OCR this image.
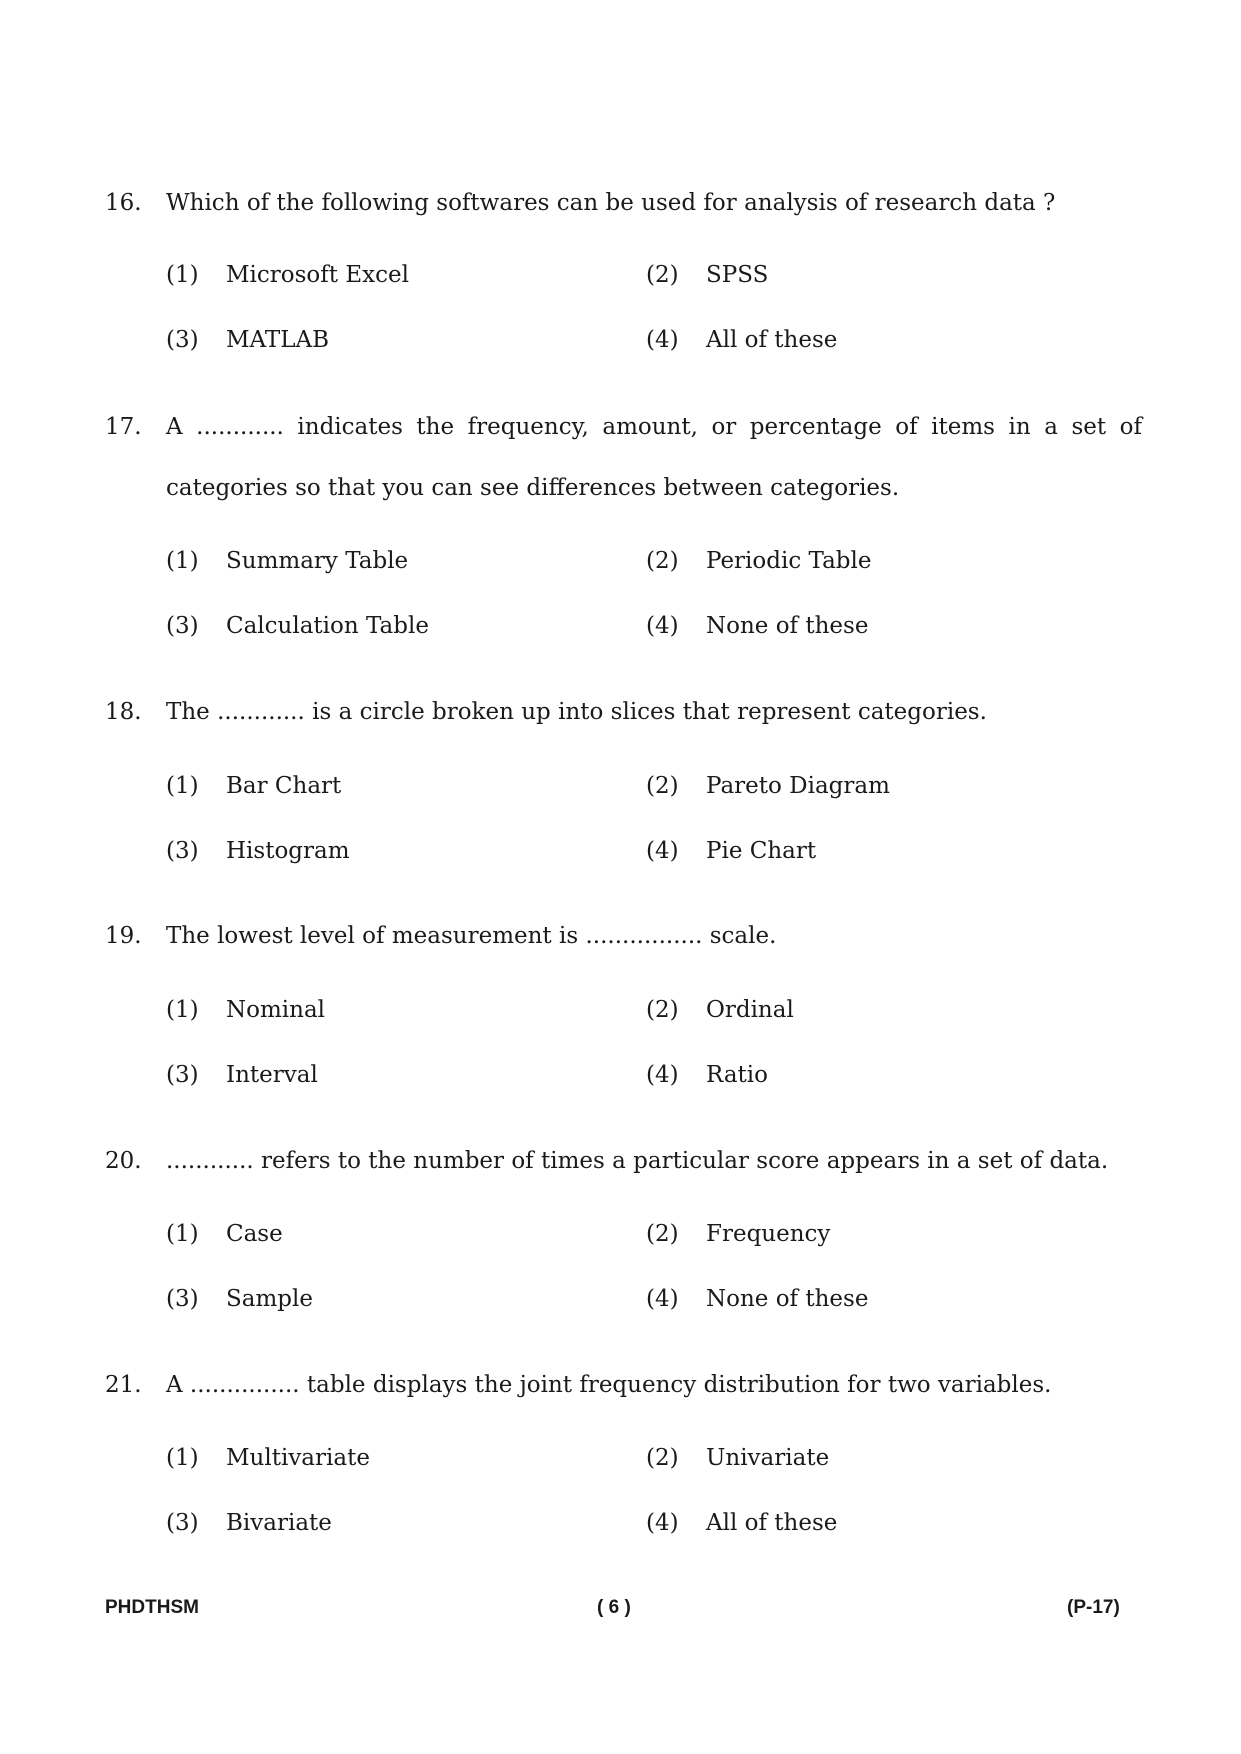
16. Which of the following softwares can be used for analysis of research data ?
(1) Microsoft Excel	(2) SPSS
(3) MATLAB	(4) All of these
17. A ............ indicates the frequency, amount, or percentage of items in a set of
categories so that you can see differences between categories.
(1) Summary Table	(2) Periodic Table
(3) Calculation Table	(4) None of these
18. The ............ is a circle broken up into slices that represent categories.
(1) Bar Chart	(2) Pareto Diagram
(3) Histogram	(4) Pie Chart
19. The lowest level of measurement is ................ scale.
(1) Nominal	(2) Ordinal
(3) Interval	(4) Ratio
20. ............ refers to the number of times a particular score appears in a set of data.
(1) Case	(2) Frequency
(3) Sample	(4) None of these
21. A ............... table displays the joint frequency distribution for two variables.
(1) Multivariate	(2) Univariate
(3) Bivariate	(4) All of these
PHDTHSM	( 6 )	(P-17)
